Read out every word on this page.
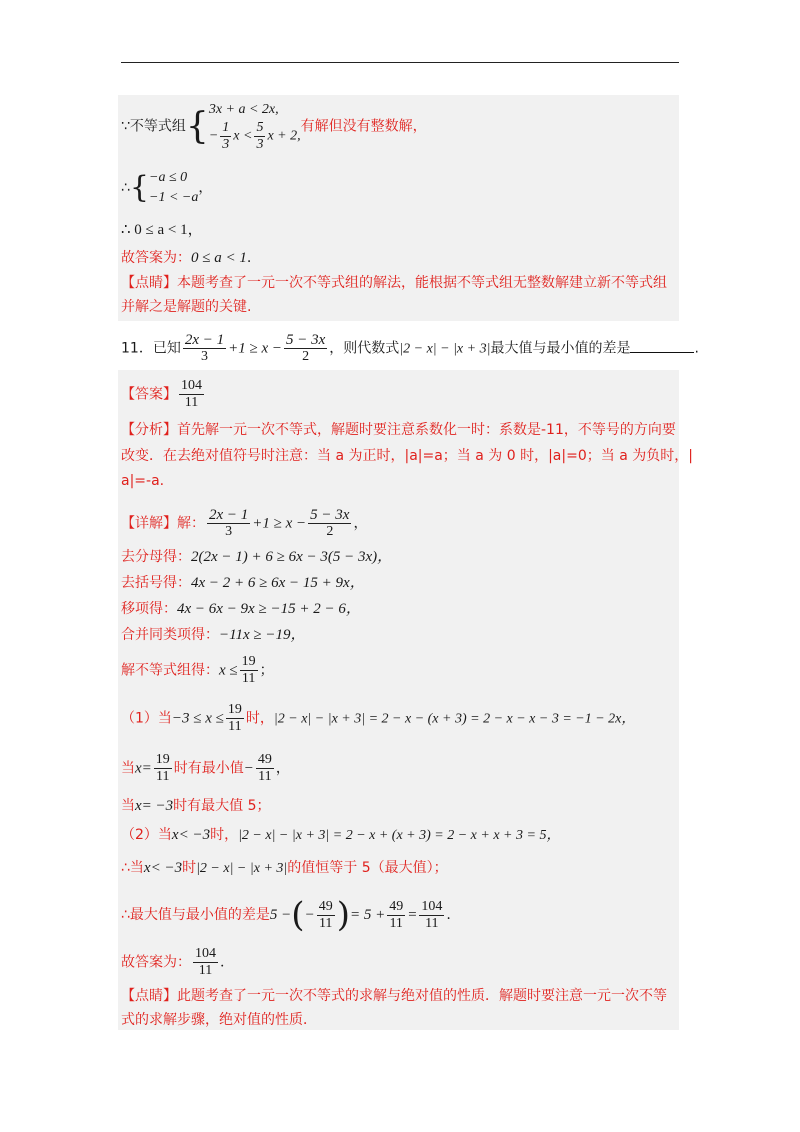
∵不等式组{ 3x + a < 2x,
− $\frac{1}{3}$ $x < \frac{5}{3}$ x + 2,
有解但没有整数解，
∴{ −a ≤ 0
−1 < −a
，
∴ 0 ≤ a < 1，
故答案为：0 ≤ a < 1.
【点睛】本题考查了一元一次不等式组的解法，能根据不等式组无整数解建立新不等式组
并解之是解题的关键.
11．已知 $\frac{2x - 1}{3} +1 \ge x - \frac{5 - 3x}{2}$ ，则代数式|2 − x| − |x + 3|最大值与最小值的差是	.
【答案】 $\frac{104}{11}$
【分析】首先解一元一次不等式，解题时要注意系数化一时：系数是-11，不等号的方向要
改变．在去绝对值符号时注意：当 a 为正时，|a|=a；当 a 为 0 时，|a|=0；当 a 为负时，|
a|=-a.
【详解】解： $\frac{2x - 1}{3} +1 \ge x - \frac{5 - 3x}{2}$ ，
去分母得：2(2x − 1) + 6 ≥ 6x − 3(5 − 3x)，
去括号得：4x − 2 + 6 ≥ 6x − 15 + 9x，
移项得：4x − 6x − 9x ≥ −15 + 2 − 6，
合并同类项得：−11x ≥ −19，
解不等式组得：$x \le \frac{19}{11}$ ；
（1）当$-3 \le x \le \frac{19}{11}$ 时，|2 − x| − |x + 3| = 2 − x − (x + 3) = 2 − x − x − 3 = −1 − 2x，
当$x= \frac{19}{11}$ 时有最小值− $\frac{49}{11}$ ，
当x= −3时有最大值 5；
（2）当x< −3时，|2 − x| − |x + 3| = 2 − x + (x + 3) = 2 − x + x + 3 = 5，
∴当x< −3时|2 − x| − |x + 3|的值恒等于 5（最大值）；
∴最大值与最小值的差是5 −(− $\frac{49}{11}$ )= $5 + \frac{49}{11} = \frac{104}{11}$ .
故答案为： $\frac{104}{11}$ .
【点睛】此题考查了一元一次不等式的求解与绝对值的性质．解题时要注意一元一次不等
式的求解步骤，绝对值的性质．
